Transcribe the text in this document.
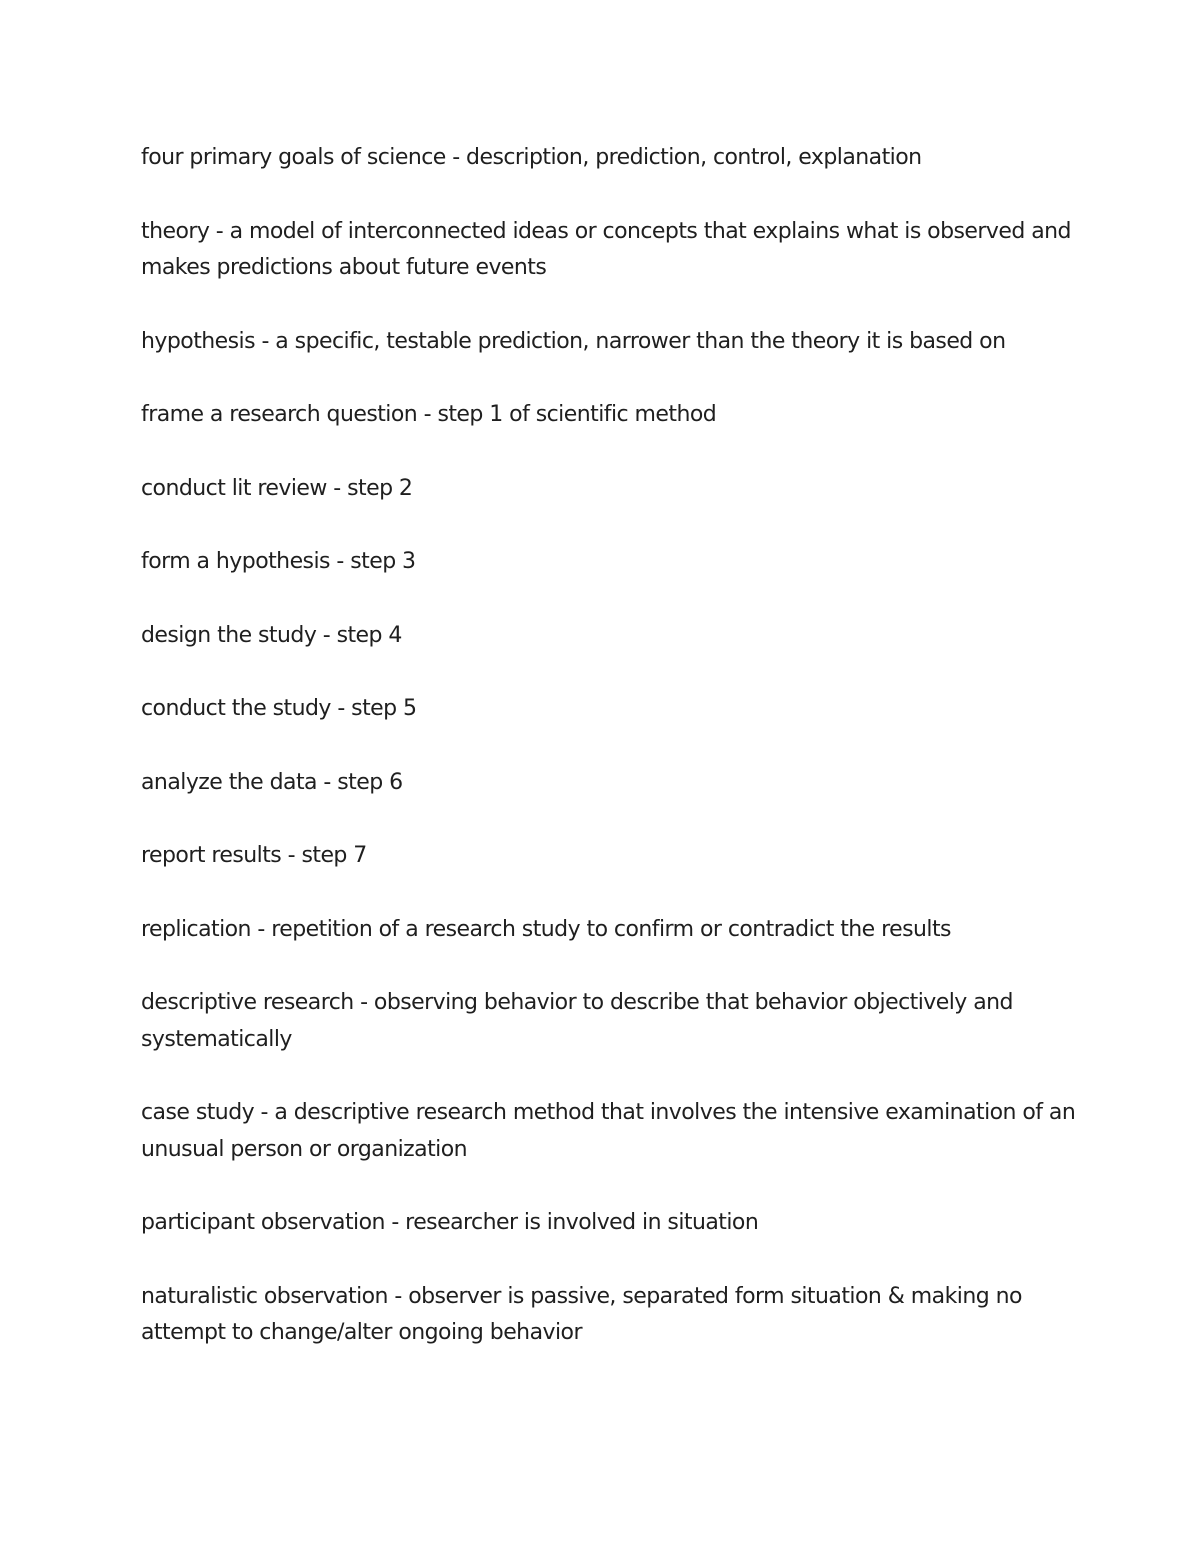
four primary goals of science - description, prediction, control, explanation

theory - a model of interconnected ideas or concepts that explains what is observed and makes predictions about future events

hypothesis - a specific, testable prediction, narrower than the theory it is based on

frame a research question - step 1 of scientific method

conduct lit review - step 2

form a hypothesis - step 3

design the study - step 4

conduct the study - step 5

analyze the data - step 6

report results - step 7

replication - repetition of a research study to confirm or contradict the results

descriptive research - observing behavior to describe that behavior objectively and systematically

case study - a descriptive research method that involves the intensive examination of an unusual person or organization

participant observation - researcher is involved in situation

naturalistic observation - observer is passive, separated form situation & making no attempt to change/alter ongoing behavior
